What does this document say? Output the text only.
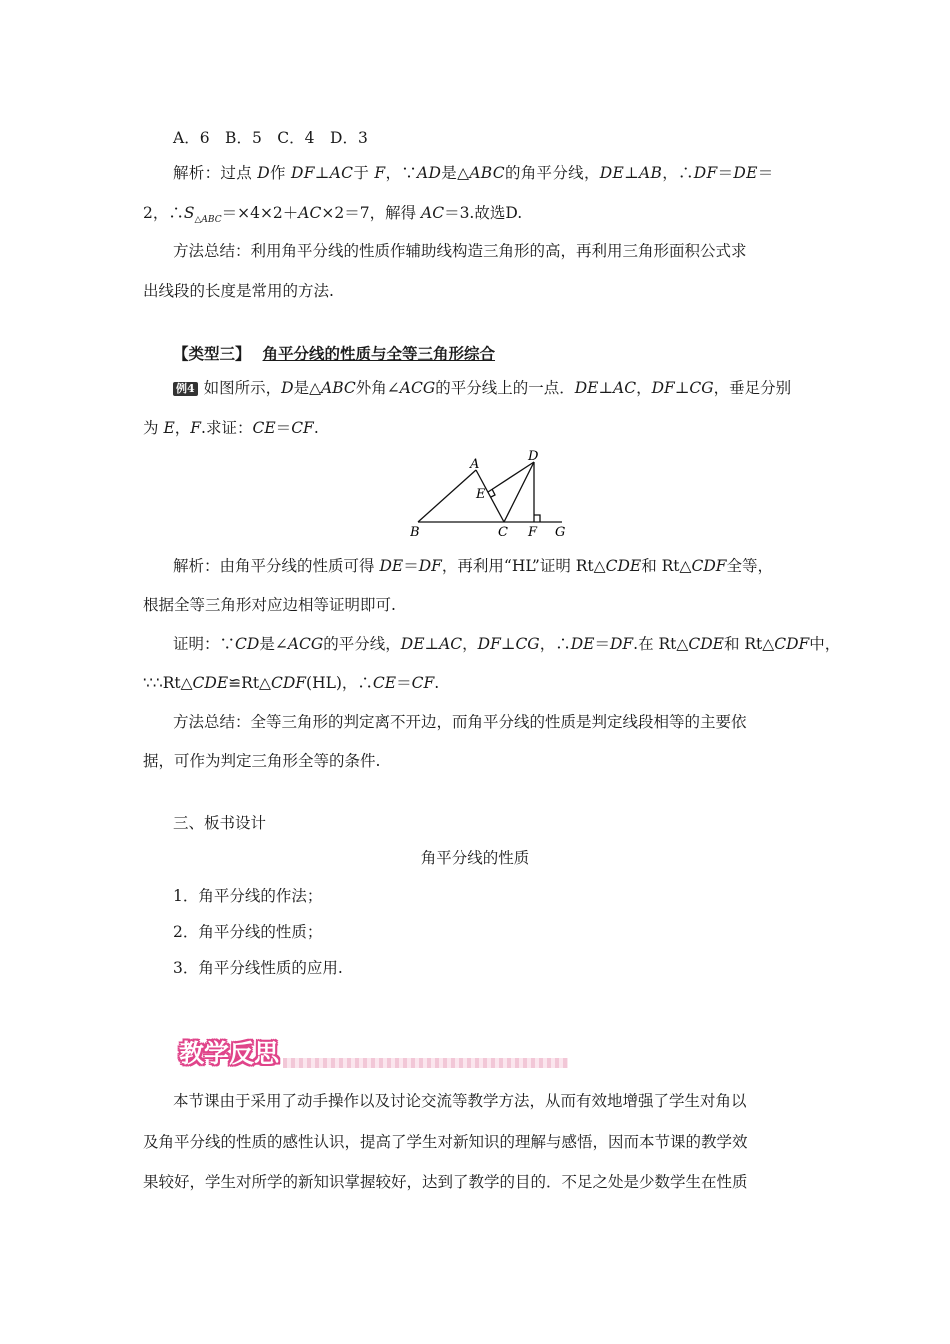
A．6　B．5　C．4　D．3
解析：过点 D作 DF⊥AC于 F，∵AD是△ABC的角平分线，DE⊥AB，∴DF＝DE＝
2，$\therefore S_{\triangle ABC}=\times 4\times 2+AC\times 2=7$，解得 AC＝3.故选D.
方法总结：利用角平分线的性质作辅助线构造三角形的高，再利用三角形面积公式求
出线段的长度是常用的方法.
【类型三】 角平分线的性质与全等三角形综合
例4 如图所示，D是△ABC外角∠ACG的平分线上的一点．DE⊥AC，DF⊥CG，垂足分别
为 E，F.求证：CE＝CF.
A
B	C
D
E
F G
解析：由角平分线的性质可得 DE＝DF，再利用“HL”证明 Rt△CDE和 Rt△CDF全等，
根据全等三角形对应边相等证明即可.
证明：∵CD是∠ACG的平分线，DE⊥AC，DF⊥CG，∴DE＝DF.在 Rt△CDE和 Rt△CDF中，
∵∴Rt△CDE≌Rt△CDF(HL)，∴CE＝CF.
方法总结：全等三角形的判定离不开边，而角平分线的性质是判定线段相等的主要依
据，可作为判定三角形全等的条件.
三、板书设计
角平分线的性质
1．角平分线的作法；
2．角平分线的性质；
3．角平分线性质的应用.
教学反思
本节课由于采用了动手操作以及讨论交流等教学方法，从而有效地增强了学生对角以
及角平分线的性质的感性认识，提高了学生对新知识的理解与感悟，因而本节课的教学效
果较好，学生对所学的新知识掌握较好，达到了教学的目的．不足之处是少数学生在性质
